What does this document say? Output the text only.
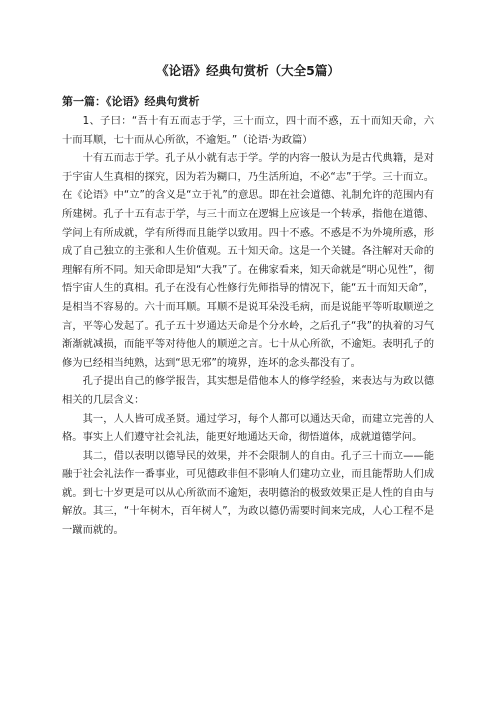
《论语》经典句赏析（大全5篇）
第一篇：《论语》经典句赏析

1、子曰：“吾十有五而志于学，三十而立，四十而不惑，五十而知天命，六十而耳顺，七十而从心所欲，不逾矩。”（论语·为政篇）

十有五而志于学。孔子从小就有志于学。学的内容一般认为是古代典籍，是对于宇宙人生真相的探究，因为若为糊口，乃生活所迫，不必“志”于学。三十而立。在《论语》中“立”的含义是“立于礼”的意思。即在社会道德、礼制允许的范围内有所建树。孔子十五有志于学，与三十而立在逻辑上应该是一个转承，指他在道德、学问上有所成就，学有所得而且能学以致用。四十不惑。不惑是不为外境所惑，形成了自己独立的主张和人生价值观。五十知天命。这是一个关键。各注解对天命的理解有所不同。知天命即是知“大我”了。在佛家看来，知天命就是“明心见性”，彻悟宇宙人生的真相。孔子在没有心性修行先师指导的情况下，能“五十而知天命”，是相当不容易的。六十而耳顺。耳顺不是说耳朵没毛病，而是说能平等听取顺逆之言，平等心发起了。孔子五十岁通达天命是个分水岭，之后孔子“我”的执着的习气渐渐就减损，而能平等对待他人的顺逆之言。七十从心所欲，不逾矩。表明孔子的修为已经相当纯熟，达到“思无邪”的境界，连坏的念头都没有了。

孔子提出自己的修学报告，其实想是借他本人的修学经验，来表达与为政以德相关的几层含义：

其一，人人皆可成圣贤。通过学习，每个人都可以通达天命，而建立完善的人格。事实上人们遵守社会礼法，能更好地通达天命，彻悟道体，成就道德学问。

其二，借以表明以德导民的效果，并不会限制人的自由。孔子三十而立——能融于社会礼法作一番事业，可见德政非但不影响人们建功立业，而且能帮助人们成就。到七十岁更是可以从心所欲而不逾矩，表明德治的极致效果正是人性的自由与解放。其三，“十年树木，百年树人”，为政以德仍需要时间来完成，人心工程不是一蹴而就的。
